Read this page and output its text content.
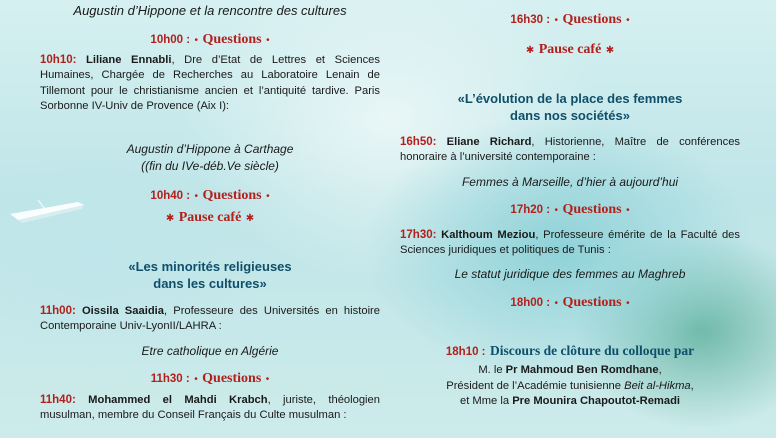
Augustin d’Hippone et la rencontre des cultures
10h00 : • Questions •
10h10: Liliane Ennabli, Dre d’Etat de Lettres et Sciences Humaines, Chargée de Recherches au Laboratoire Lenain de Tillemont pour le christianisme ancien et l’antiquité tardive. Paris Sorbonne IV-Univ de Provence (Aix I):
Augustin d’Hippone à Carthage
((fin du IVe-déb.Ve siècle)
10h40 : • Questions •
✱ Pause café ✱
«Les minorités religieuses
dans les cultures»
11h00: Oissila Saaidia, Professeure des Universités en histoire Contemporaine Univ-LyonII/LAHRA :
Etre catholique en Algérie
11h30 : • Questions •
11h40: Mohammed el Mahdi Krabch, juriste, théologien musulman, membre du Conseil Français du Culte musulman :
16h30 : • Questions •
✱ Pause café ✱
«L’évolution de la place des femmes
dans nos sociétés»
16h50: Eliane Richard, Historienne, Maître de conférences honoraire à l’université contemporaine :
Femmes à Marseille, d’hier à aujourd’hui
17h20 : • Questions •
17h30: Kalthoum Meziou, Professeure émérite de la Faculté des Sciences juridiques et politiques de Tunis :
Le statut juridique des femmes au Maghreb
18h00 : • Questions •
18h10 : Discours de clôture du colloque par
M. le Pr Mahmoud Ben Romdhane,
Président de l’Académie tunisienne Beit al-Hikma,
et Mme la Pre Mounira Chapoutot-Remadi
